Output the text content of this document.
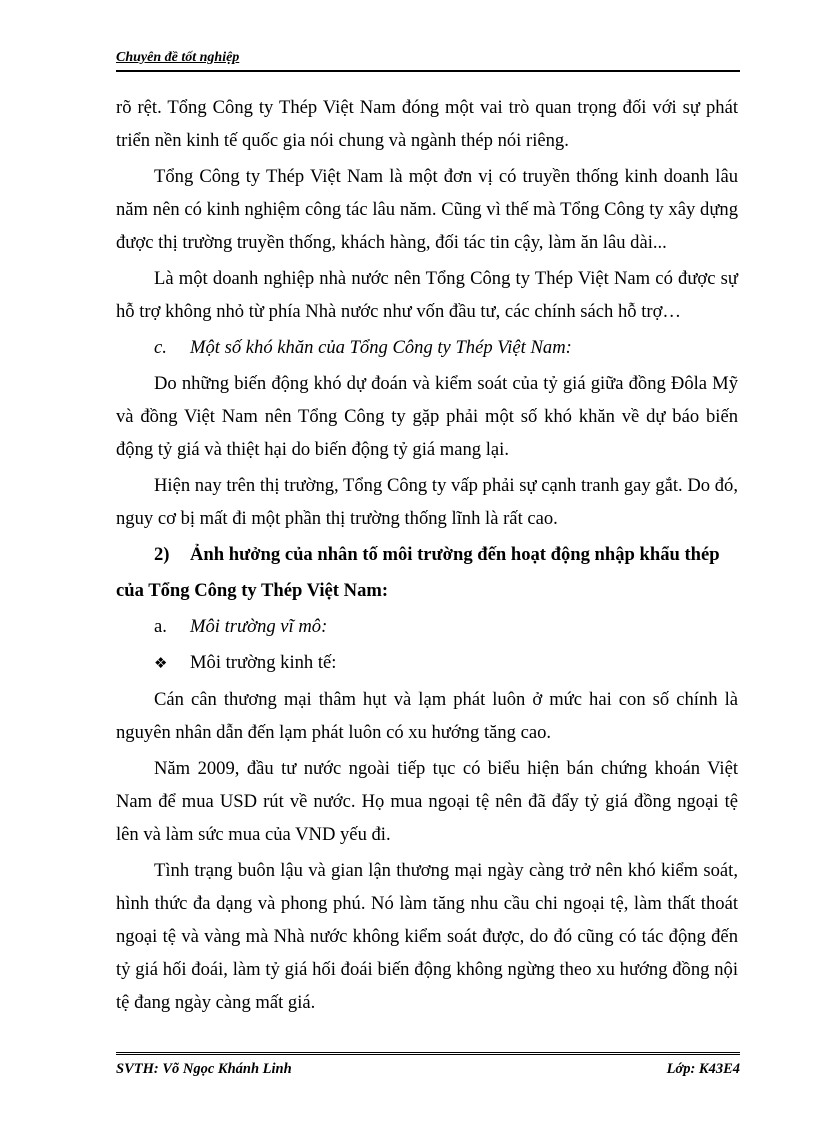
Chuyên đề tốt nghiệp

rõ rệt. Tổng Công ty Thép Việt Nam đóng một vai trò quan trọng đối với sự phát triển nền kinh tế quốc gia nói chung và ngành thép nói riêng.

Tổng Công ty Thép Việt Nam là một đơn vị có truyền thống kinh doanh lâu năm nên có kinh nghiệm công tác lâu năm. Cũng vì thế mà Tổng Công ty xây dựng được thị trường truyền thống, khách hàng, đối tác tin cậy, làm ăn lâu dài...

Là một doanh nghiệp nhà nước nên Tổng Công ty Thép Việt Nam có được sự hỗ trợ không nhỏ từ phía Nhà nước như vốn đầu tư, các chính sách hỗ trợ…

c. Một số khó khăn của Tổng Công ty Thép Việt Nam:

Do những biến động khó dự đoán và kiểm soát của tỷ giá giữa đồng Đôla Mỹ và đồng Việt Nam nên Tổng Công ty gặp phải một số khó khăn về dự báo biến động tỷ giá và thiệt hại do biến động tỷ giá mang lại.

Hiện nay trên thị trường, Tổng Công ty vấp phải sự cạnh tranh gay gắt. Do đó, nguy cơ bị mất đi một phần thị trường thống lĩnh là rất cao.

2) Ảnh hưởng của nhân tố môi trường đến hoạt động nhập khẩu thép

của Tổng Công ty Thép Việt Nam:

a. Môi trường vĩ mô:
❖ Môi trường kinh tế:

Cán cân thương mại thâm hụt và lạm phát luôn ở mức hai con số chính là nguyên nhân dẫn đến lạm phát luôn có xu hướng tăng cao.

Năm 2009, đầu tư nước ngoài tiếp tục có biểu hiện bán chứng khoán Việt Nam để mua USD rút về nước. Họ mua ngoại tệ nên đã đẩy tỷ giá đồng ngoại tệ lên và làm sức mua của VND yếu đi.

Tình trạng buôn lậu và gian lận thương mại ngày càng trở nên khó kiểm soát, hình thức đa dạng và phong phú. Nó làm tăng nhu cầu chi ngoại tệ, làm thất thoát ngoại tệ và vàng mà Nhà nước không kiểm soát được, do đó cũng có tác động đến tỷ giá hối đoái, làm tỷ giá hối đoái biến động không ngừng theo xu hướng đồng nội tệ đang ngày càng mất giá.

SVTH: Võ Ngọc Khánh Linh	Lớp: K43E4
